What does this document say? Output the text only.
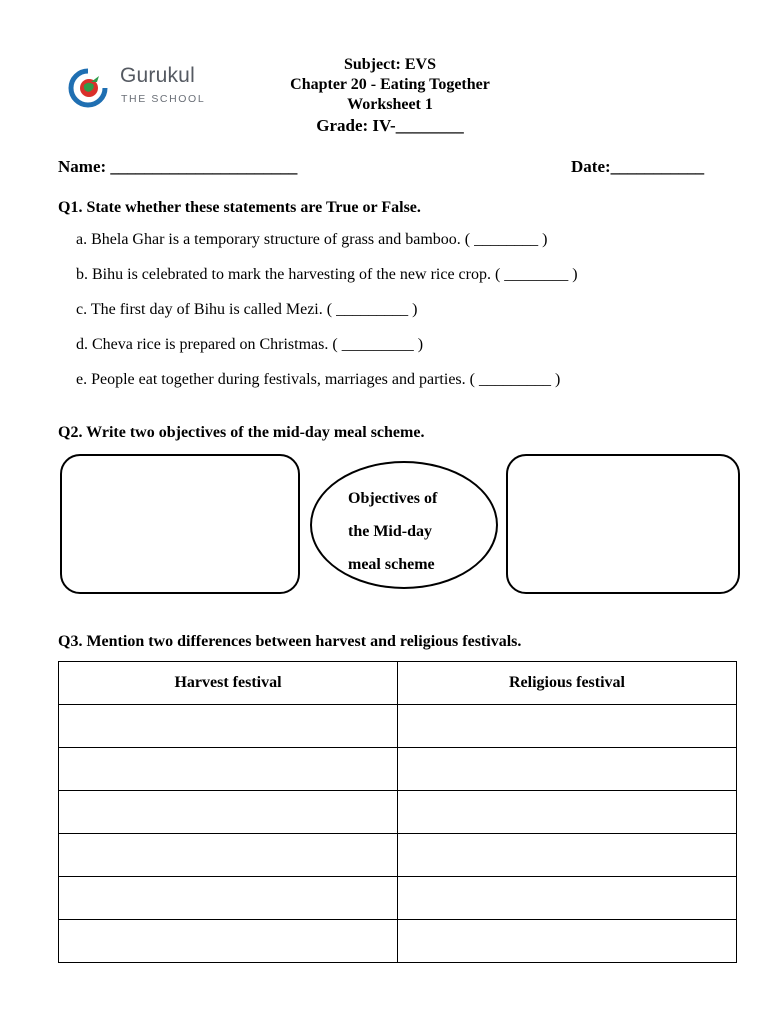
Gurukul
THE SCHOOL
Subject: EVS
Chapter 20 - Eating Together
Worksheet 1
Grade: IV-________
Name: ______________________	Date:___________
Q1. State whether these statements are True or False.
a. Bhela Ghar is a temporary structure of grass and bamboo. ( ________ )
b. Bihu is celebrated to mark the harvesting of the new rice crop. ( ________ )
c. The first day of Bihu is called Mezi. ( _________ )
d. Cheva rice is prepared on Christmas. ( _________ )
e. People eat together during festivals, marriages and parties. ( _________ )
Q2. Write two objectives of the mid-day meal scheme.
Objectives of
the Mid-day
meal scheme
Q3. Mention two differences between harvest and religious festivals.
Harvest festival	Religious festival
